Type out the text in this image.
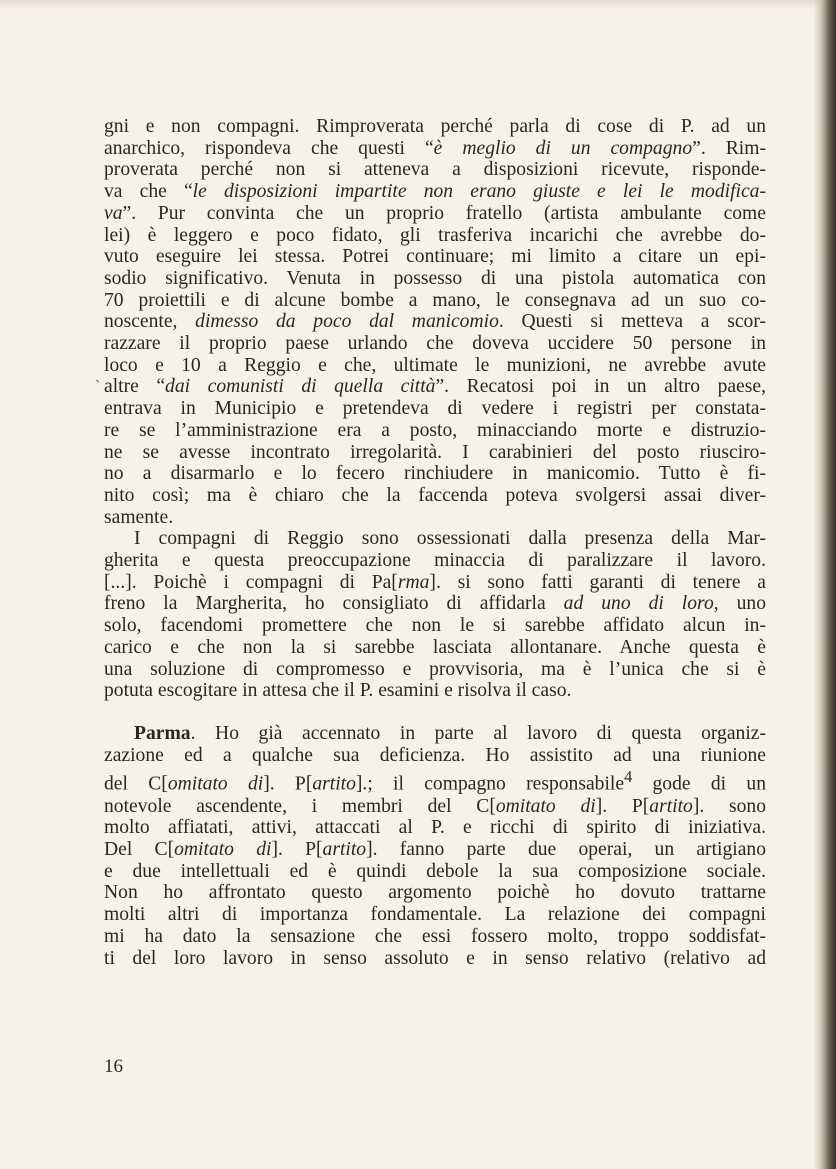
`
gni e non compagni. Rimproverata perché parla di cose di P. ad un
anarchico, rispondeva che questi “è meglio di un compagno”. Rim-
proverata perché non si atteneva a disposizioni ricevute, risponde-
va che “le disposizioni impartite non erano giuste e lei le modifica-
va”. Pur convinta che un proprio fratello (artista ambulante come
lei) è leggero e poco fidato, gli trasferiva incarichi che avrebbe do-
vuto eseguire lei stessa. Potrei continuare; mi limito a citare un epi-
sodio significativo. Venuta in possesso di una pistola automatica con
70 proiettili e di alcune bombe a mano, le consegnava ad un suo co-
noscente, dimesso da poco dal manicomio. Questi si metteva a scor-
razzare il proprio paese urlando che doveva uccidere 50 persone in
loco e 10 a Reggio e che, ultimate le munizioni, ne avrebbe avute
altre “dai comunisti di quella città”. Recatosi poi in un altro paese,
entrava in Municipio e pretendeva di vedere i registri per constata-
re se l’amministrazione era a posto, minacciando morte e distruzio-
ne se avesse incontrato irregolarità. I carabinieri del posto riusciro-
no a disarmarlo e lo fecero rinchiudere in manicomio. Tutto è fi-
nito così; ma è chiaro che la faccenda poteva svolgersi assai diver-
samente.
I compagni di Reggio sono ossessionati dalla presenza della Mar-
gherita e questa preoccupazione minaccia di paralizzare il lavoro.
[...]. Poichè i compagni di Pa[rma]. si sono fatti garanti di tenere a
freno la Margherita, ho consigliato di affidarla ad uno di loro, uno
solo, facendomi promettere che non le si sarebbe affidato alcun in-
carico e che non la si sarebbe lasciata allontanare. Anche questa è
una soluzione di compromesso e provvisoria, ma è l’unica che si è
potuta escogitare in attesa che il P. esamini e risolva il caso.
Parma. Ho già accennato in parte al lavoro di questa organiz-
zazione ed a qualche sua deficienza. Ho assistito ad una riunione
del C[omitato di]. P[artito].; il compagno responsabile$^4$ gode di un
notevole ascendente, i membri del C[omitato di]. P[artito]. sono
molto affiatati, attivi, attaccati al P. e ricchi di spirito di iniziativa.
Del C[omitato di]. P[artito]. fanno parte due operai, un artigiano
e due intellettuali ed è quindi debole la sua composizione sociale.
Non ho affrontato questo argomento poichè ho dovuto trattarne
molti altri di importanza fondamentale. La relazione dei compagni
mi ha dato la sensazione che essi fossero molto, troppo soddisfat-
ti del loro lavoro in senso assoluto e in senso relativo (relativo ad
16
